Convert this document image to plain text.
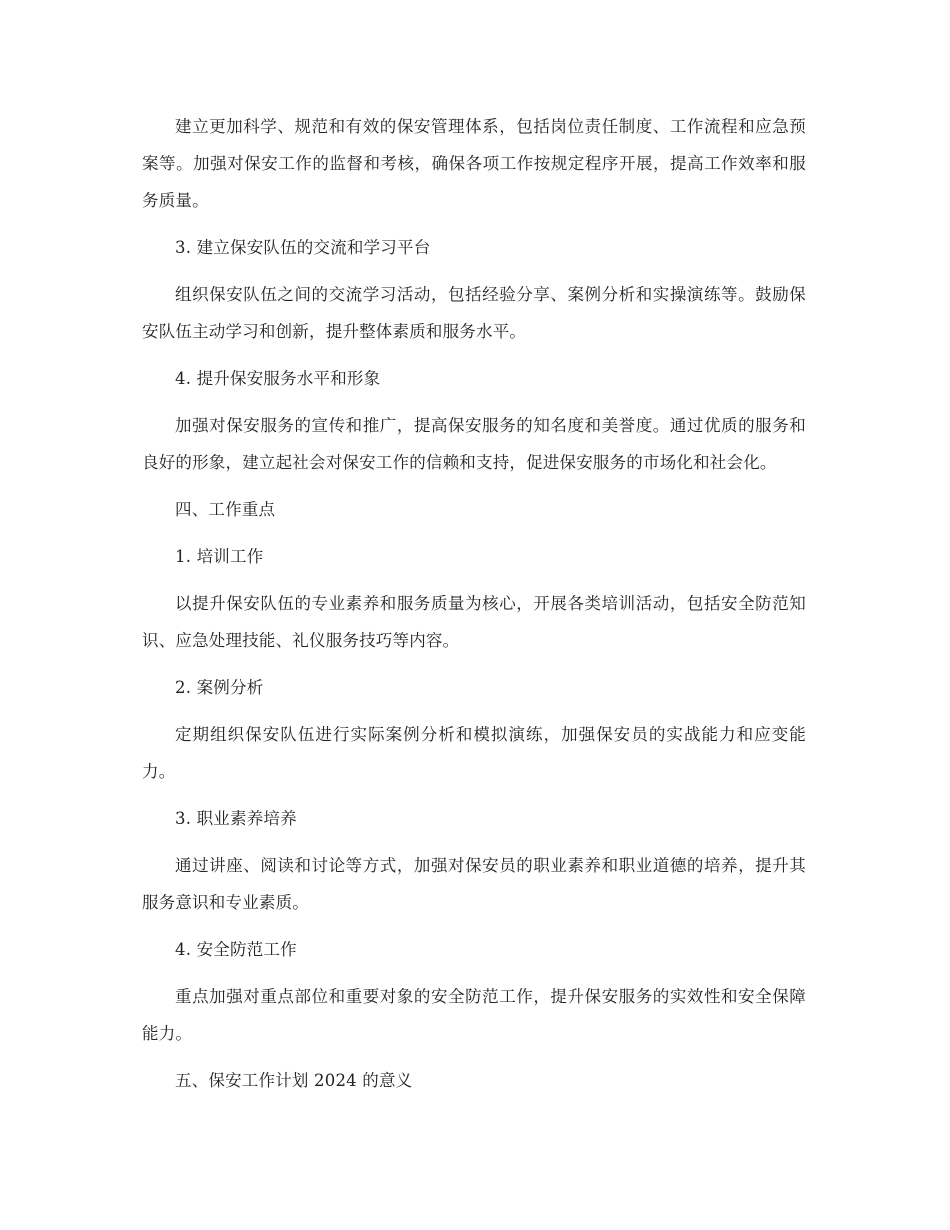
建立更加科学、规范和有效的保安管理体系，包括岗位责任制度、工作流程和应急预案等。加强对保安工作的监督和考核，确保各项工作按规定程序开展，提高工作效率和服务质量。

3. 建立保安队伍的交流和学习平台

组织保安队伍之间的交流学习活动，包括经验分享、案例分析和实操演练等。鼓励保安队伍主动学习和创新，提升整体素质和服务水平。

4. 提升保安服务水平和形象

加强对保安服务的宣传和推广，提高保安服务的知名度和美誉度。通过优质的服务和良好的形象，建立起社会对保安工作的信赖和支持，促进保安服务的市场化和社会化。

四、工作重点

1. 培训工作

以提升保安队伍的专业素养和服务质量为核心，开展各类培训活动，包括安全防范知识、应急处理技能、礼仪服务技巧等内容。

2. 案例分析

定期组织保安队伍进行实际案例分析和模拟演练，加强保安员的实战能力和应变能力。

3. 职业素养培养

通过讲座、阅读和讨论等方式，加强对保安员的职业素养和职业道德的培养，提升其服务意识和专业素质。

4. 安全防范工作

重点加强对重点部位和重要对象的安全防范工作，提升保安服务的实效性和安全保障能力。

五、保安工作计划 2024 的意义
